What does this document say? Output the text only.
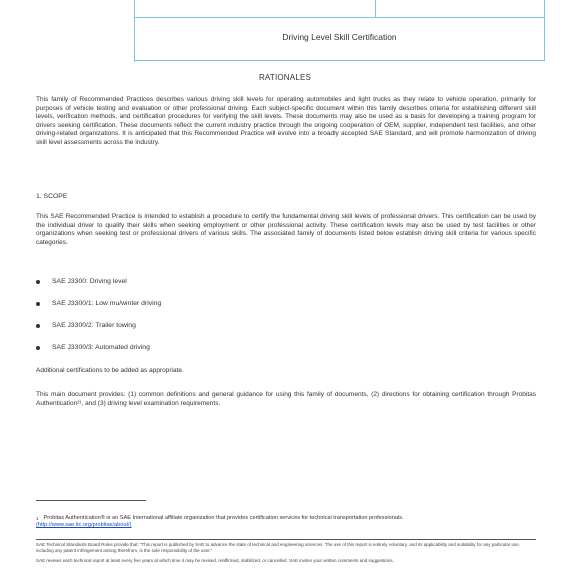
Driving Level Skill Certification
RATIONALES

This family of Recommended Practices describes various driving skill levels for operating automobiles and light trucks as they relate to vehicle operation, primarily for purposes of vehicle testing and evaluation or other professional driving. Each subject-specific document within this family describes criteria for establishing different skill levels, verification methods, and certification procedures for verifying the skill levels. These documents may also be used as a basis for developing a training program for drivers seeking certification. These documents reflect the current industry practice through the ongoing cooperation of OEM, supplier, independent test facilities, and other driving-related organizations. It is anticipated that this Recommended Practice will evolve into a broadly accepted SAE Standard, and will promote harmonization of driving skill level assessments across the industry.

1. SCOPE

This SAE Recommended Practice is intended to establish a procedure to certify the fundamental driving skill levels of professional drivers. This certification can be used by the individual driver to qualify their skills when seeking employment or other professional activity. These certification levels may also be used by test facilities or other organizations when seeking test or professional drivers of various skills. The associated family of documents listed below establish driving skill criteria for various specific categories.

SAE J3300: Driving level
SAE J3300/1: Low mu/winter driving
SAE J3300/2: Trailer towing
SAE J3300/3: Automated driving

Additional certifications to be added as appropriate.

This main document provides: (1) common definitions and general guidance for using this family of documents, (2) directions for obtaining certification through Probitas Authentication²¹, and (3) driving level examination requirements.

$^1$ Probitas Authentication® is an SAE International affiliate organization that provides certification services for technical transportation professionals.
(http://www.sae.itc.org/probitas/about/)
SAE Technical Standards Board Rules provide that: “This report is published by SAE to advance the state of technical and engineering sciences. The use of this report is entirely voluntary, and its applicability and suitability for any particular use, including any patent infringement arising therefrom, is the sole responsibility of the user.”
SAE reviews each technical report at least every five years at which time it may be revised, reaffirmed, stabilized, or cancelled. SAE invites your written comments and suggestions.
